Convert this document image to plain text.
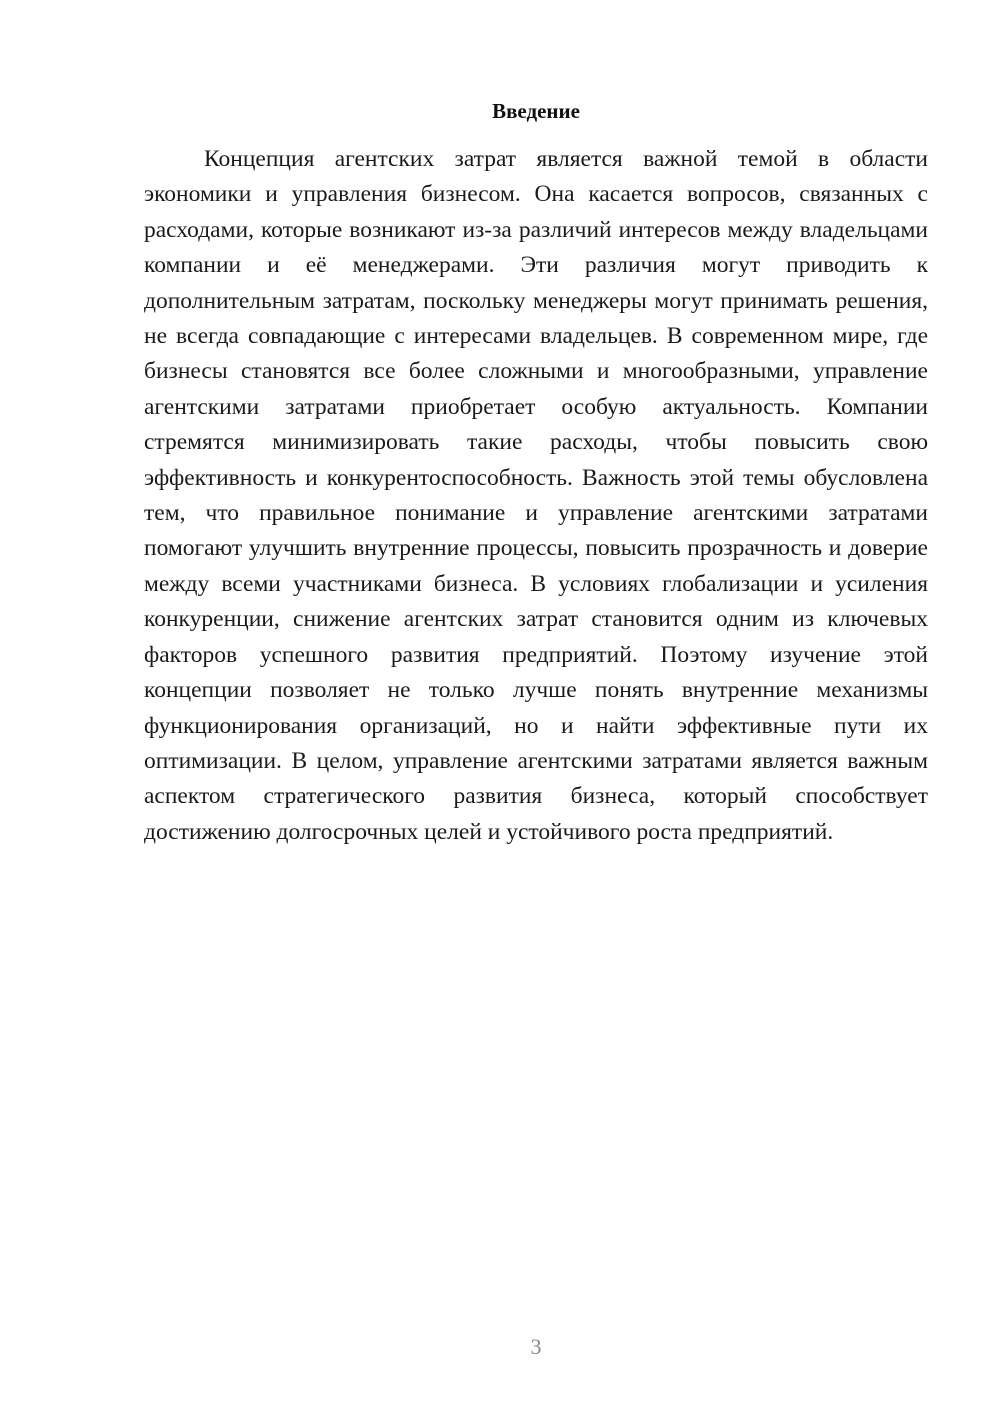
Введение

Концепция агентских затрат является важной темой в области экономики и управления бизнесом. Она касается вопросов, связанных с расходами, которые возникают из-за различий интересов между владельцами компании и её менеджерами. Эти различия могут приводить к дополнительным затратам, поскольку менеджеры могут принимать решения, не всегда совпадающие с интересами владельцев. В современном мире, где бизнесы становятся все более сложными и многообразными, управление агентскими затратами приобретает особую актуальность. Компании стремятся минимизировать такие расходы, чтобы повысить свою эффективность и конкурентоспособность. Важность этой темы обусловлена тем, что правильное понимание и управление агентскими затратами помогают улучшить внутренние процессы, повысить прозрачность и доверие между всеми участниками бизнеса. В условиях глобализации и усиления конкуренции, снижение агентских затрат становится одним из ключевых факторов успешного развития предприятий. Поэтому изучение этой концепции позволяет не только лучше понять внутренние механизмы функционирования организаций, но и найти эффективные пути их оптимизации. В целом, управление агентскими затратами является важным аспектом стратегического развития бизнеса, который способствует достижению долгосрочных целей и устойчивого роста предприятий.

3
